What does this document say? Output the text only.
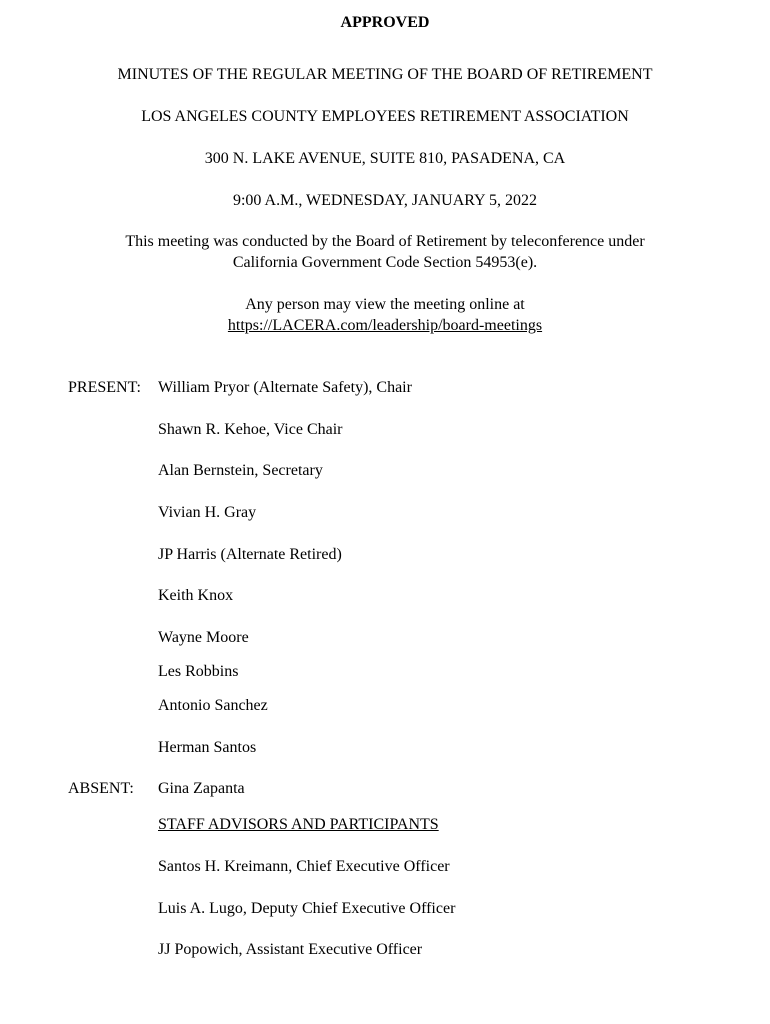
APPROVED
MINUTES OF THE REGULAR MEETING OF THE BOARD OF RETIREMENT
LOS ANGELES COUNTY EMPLOYEES RETIREMENT ASSOCIATION
300 N. LAKE AVENUE, SUITE 810, PASADENA, CA
9:00 A.M., WEDNESDAY, JANUARY 5, 2022
This meeting was conducted by the Board of Retirement by teleconference under
California Government Code Section 54953(e).
Any person may view the meeting online at
https://LACERA.com/leadership/board-meetings
PRESENT: William Pryor (Alternate Safety), Chair
Shawn R. Kehoe, Vice Chair
Alan Bernstein, Secretary
Vivian H. Gray
JP Harris (Alternate Retired)
Keith Knox
Wayne Moore
Les Robbins
Antonio Sanchez
Herman Santos
ABSENT: Gina Zapanta
STAFF ADVISORS AND PARTICIPANTS
Santos H. Kreimann, Chief Executive Officer
Luis A. Lugo, Deputy Chief Executive Officer
JJ Popowich, Assistant Executive Officer
